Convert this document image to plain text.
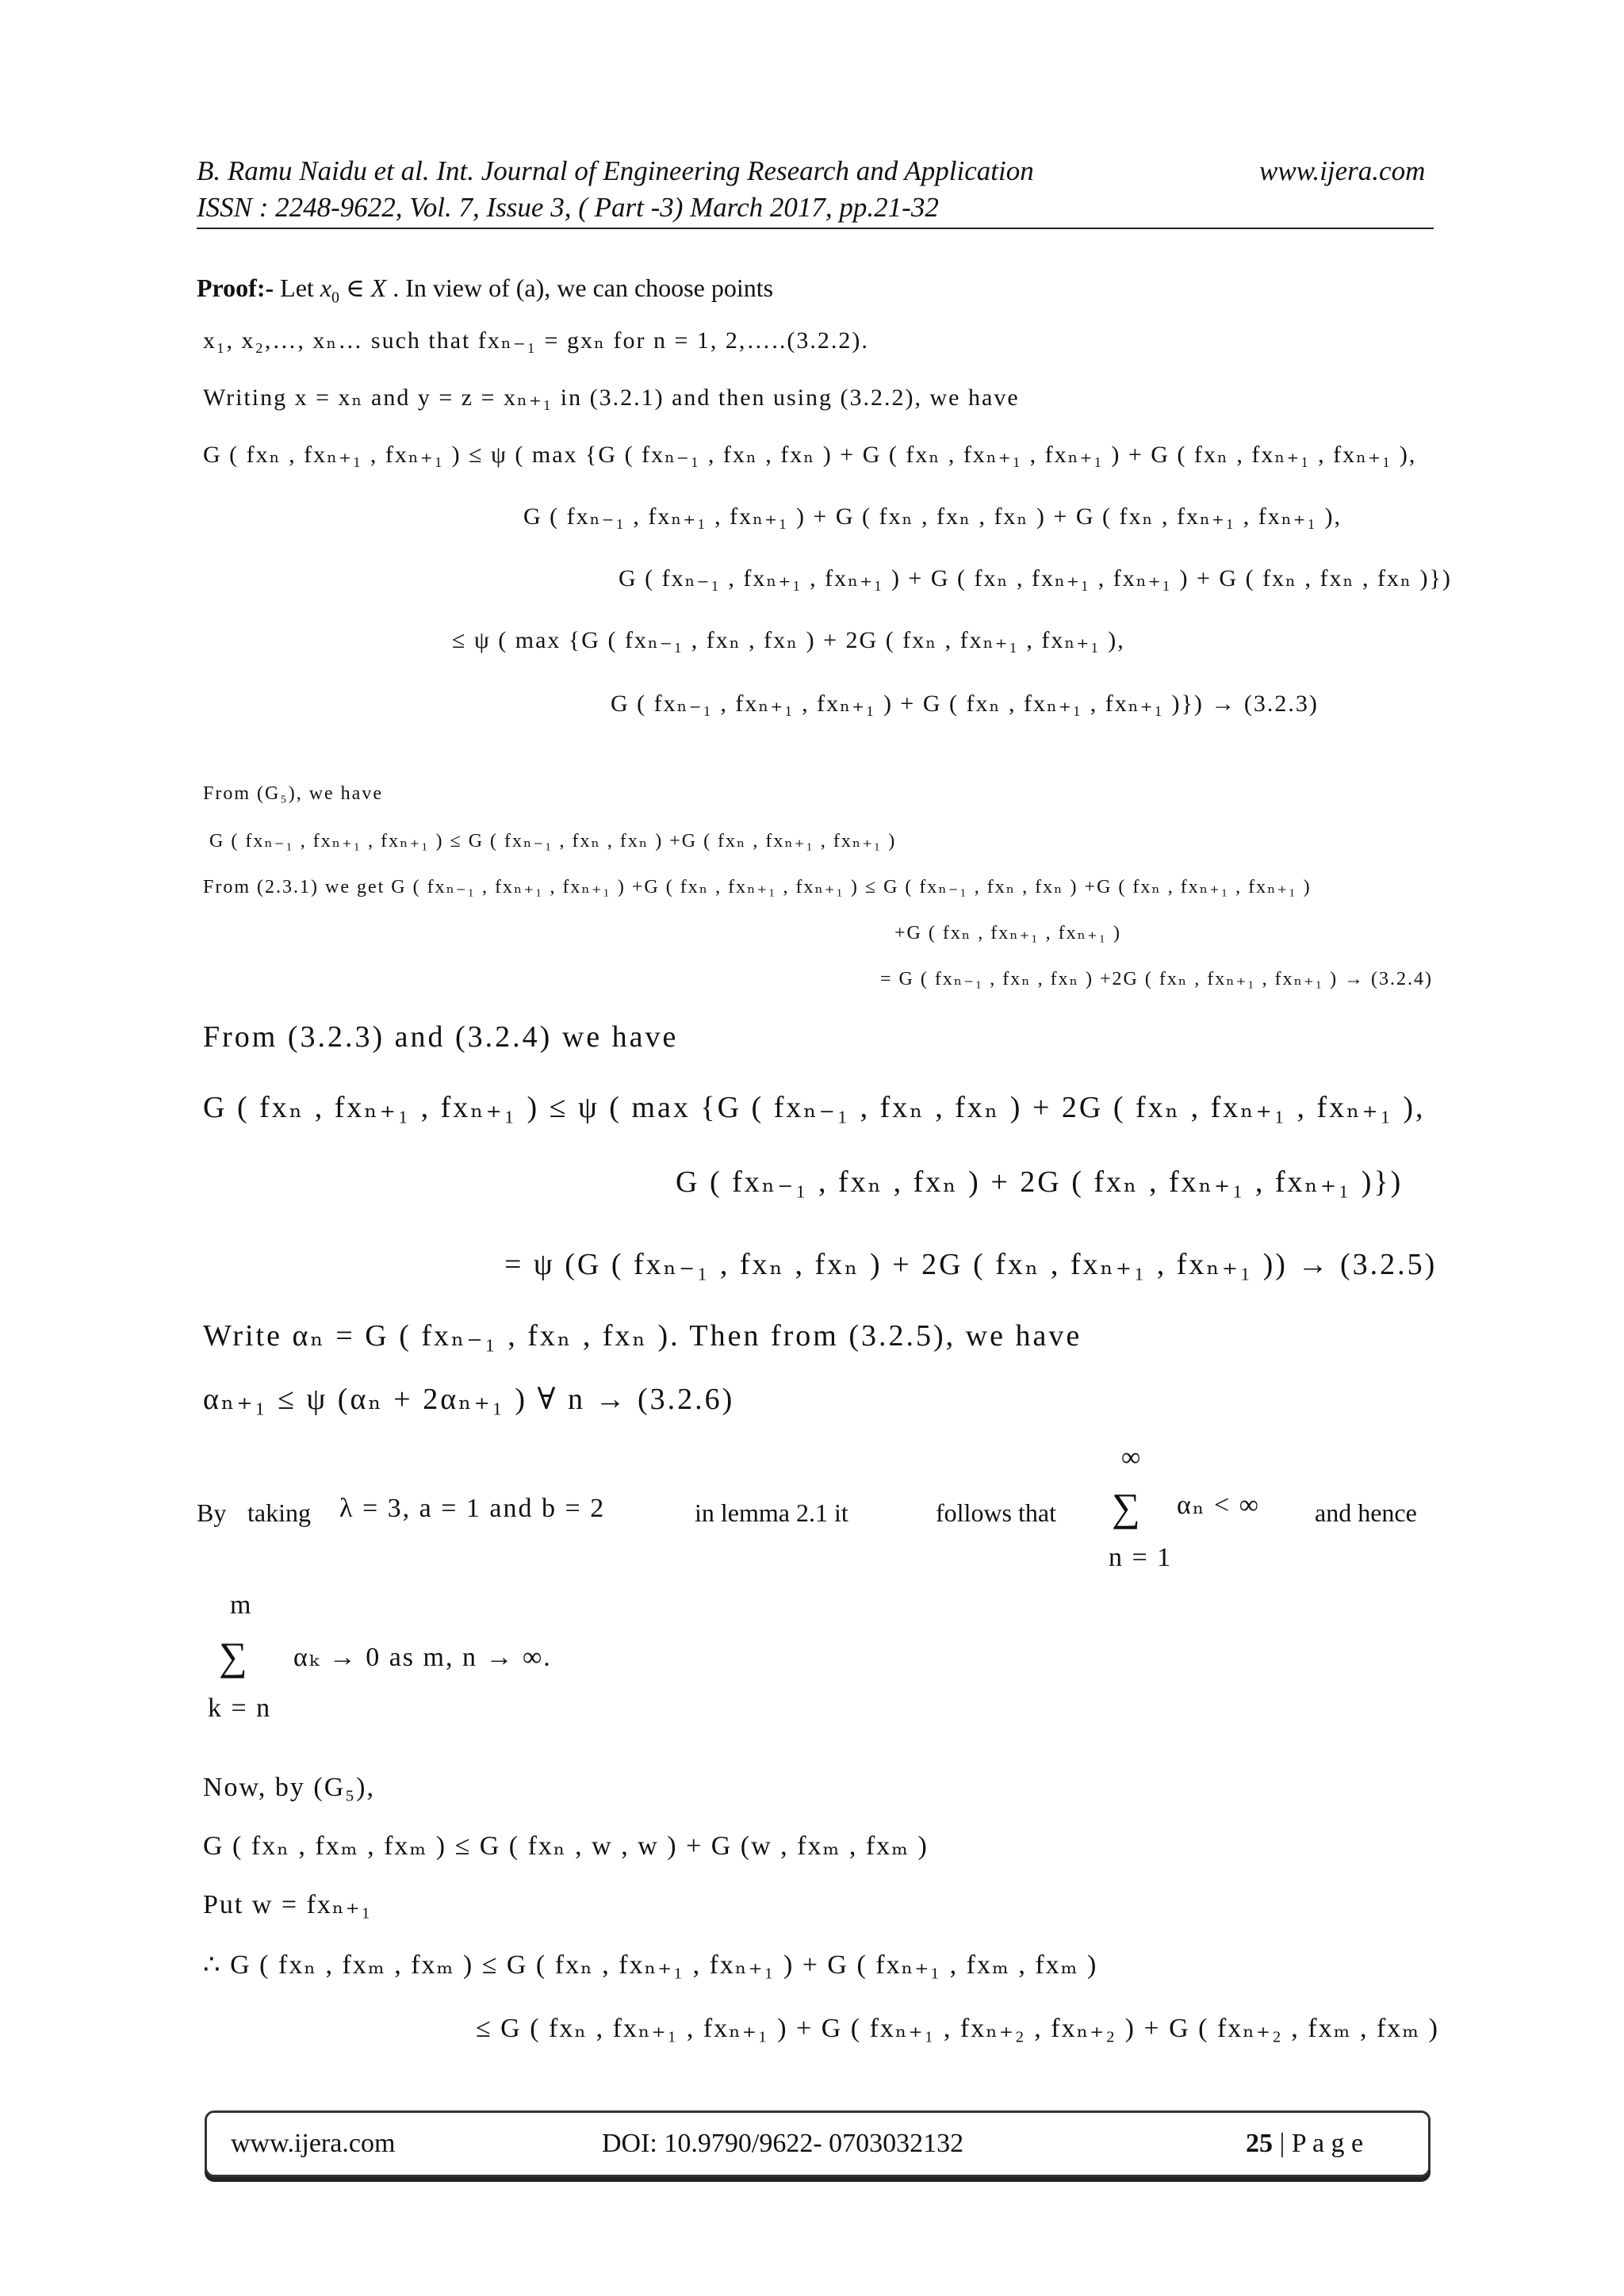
B. Ramu Naidu et al. Int. Journal of Engineering Research and Application	www.ijera.com
ISSN : 2248-9622, Vol. 7, Issue 3, ( Part -3) March 2017, pp.21-32
Proof:- Let $x_0$ ∈ X . In view of (a), we can choose points
x₁, x₂,…, xₙ… such that fxₙ₋₁ = gxₙ for n = 1, 2,…..(3.2.2).
Writing x = xₙ and y = z = xₙ₊₁ in (3.2.1) and then using (3.2.2), we have
G ( fxₙ , fxₙ₊₁ , fxₙ₊₁ ) ≤ ψ ( max {G ( fxₙ₋₁ , fxₙ , fxₙ ) + G ( fxₙ , fxₙ₊₁ , fxₙ₊₁ ) + G ( fxₙ , fxₙ₊₁ , fxₙ₊₁ ),
G ( fxₙ₋₁ , fxₙ₊₁ , fxₙ₊₁ ) + G ( fxₙ , fxₙ , fxₙ ) + G ( fxₙ , fxₙ₊₁ , fxₙ₊₁ ),
G ( fxₙ₋₁ , fxₙ₊₁ , fxₙ₊₁ ) + G ( fxₙ , fxₙ₊₁ , fxₙ₊₁ ) + G ( fxₙ , fxₙ , fxₙ )})
≤ ψ ( max {G ( fxₙ₋₁ , fxₙ , fxₙ ) + 2G ( fxₙ , fxₙ₊₁ , fxₙ₊₁ ),
G ( fxₙ₋₁ , fxₙ₊₁ , fxₙ₊₁ ) + G ( fxₙ , fxₙ₊₁ , fxₙ₊₁ )}) → (3.2.3)
From (G₅), we have
G ( fxₙ₋₁ , fxₙ₊₁ , fxₙ₊₁ ) ≤ G ( fxₙ₋₁ , fxₙ , fxₙ ) +G ( fxₙ , fxₙ₊₁ , fxₙ₊₁ )
From (2.3.1) we get G ( fxₙ₋₁ , fxₙ₊₁ , fxₙ₊₁ ) +G ( fxₙ , fxₙ₊₁ , fxₙ₊₁ ) ≤ G ( fxₙ₋₁ , fxₙ , fxₙ ) +G ( fxₙ , fxₙ₊₁ , fxₙ₊₁ )
+G ( fxₙ , fxₙ₊₁ , fxₙ₊₁ )
= G ( fxₙ₋₁ , fxₙ , fxₙ ) +2G ( fxₙ , fxₙ₊₁ , fxₙ₊₁ ) → (3.2.4)
From (3.2.3) and (3.2.4) we have
G ( fxₙ , fxₙ₊₁ , fxₙ₊₁ ) ≤ ψ ( max {G ( fxₙ₋₁ , fxₙ , fxₙ ) + 2G ( fxₙ , fxₙ₊₁ , fxₙ₊₁ ),
G ( fxₙ₋₁ , fxₙ , fxₙ ) + 2G ( fxₙ , fxₙ₊₁ , fxₙ₊₁ )})
= ψ (G ( fxₙ₋₁ , fxₙ , fxₙ ) + 2G ( fxₙ , fxₙ₊₁ , fxₙ₊₁ )) → (3.2.5)
Write αₙ = G ( fxₙ₋₁ , fxₙ , fxₙ ). Then from (3.2.5), we have
αₙ₊₁ ≤ ψ (αₙ + 2αₙ₊₁ ) ∀ n → (3.2.6)
By taking λ = 3, a = 1 and b = 2	in lemma 2.1 it	follows that
∞
∑ αₙ < ∞
n = 1
and hence
m
∑ αₖ → 0 as m, n → ∞.
k = n
Now, by (G₅),
G ( fxₙ , fxₘ , fxₘ ) ≤ G ( fxₙ , w , w ) + G (w , fxₘ , fxₘ )
Put w = fxₙ₊₁
∴ G ( fxₙ , fxₘ , fxₘ ) ≤ G ( fxₙ , fxₙ₊₁ , fxₙ₊₁ ) + G ( fxₙ₊₁ , fxₘ , fxₘ )
≤ G ( fxₙ , fxₙ₊₁ , fxₙ₊₁ ) + G ( fxₙ₊₁ , fxₙ₊₂ , fxₙ₊₂ ) + G ( fxₙ₊₂ , fxₘ , fxₘ )
www.ijera.com	DOI: 10.9790/9622- 0703032132	25 | P a g e
